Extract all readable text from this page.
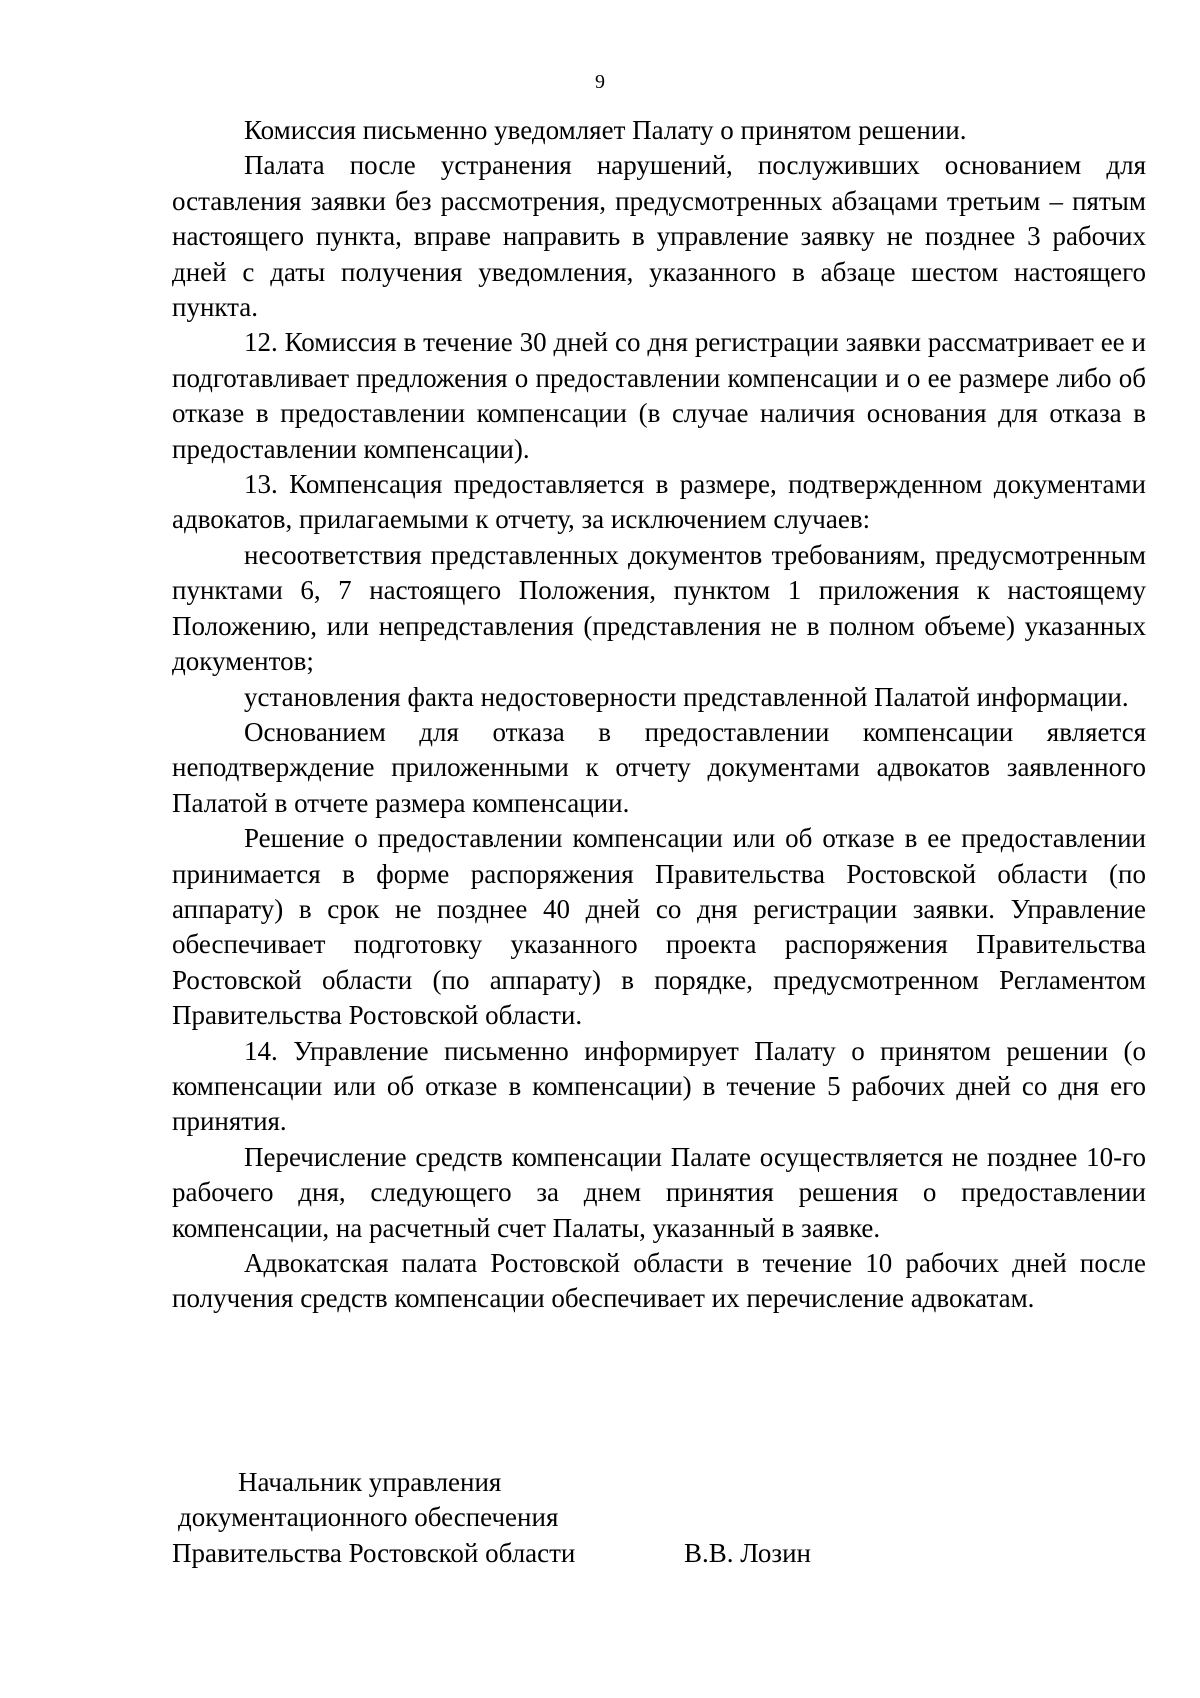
9

Комиссия письменно уведомляет Палату о принятом решении.

Палата после устранения нарушений, послуживших основанием для оставления заявки без рассмотрения, предусмотренных абзацами третьим – пятым настоящего пункта, вправе направить в управление заявку не позднее 3 рабочих дней с даты получения уведомления, указанного в абзаце шестом настоящего пункта.

12. Комиссия в течение 30 дней со дня регистрации заявки рассматривает ее и подготавливает предложения о предоставлении компенсации и о ее размере либо об отказе в предоставлении компенсации (в случае наличия основания для отказа в предоставлении компенсации).

13. Компенсация предоставляется в размере, подтвержденном документами адвокатов, прилагаемыми к отчету, за исключением случаев:

несоответствия представленных документов требованиям, предусмотренным пунктами 6, 7 настоящего Положения, пунктом 1 приложения к настоящему Положению, или непредставления (представления не в полном объеме) указанных документов;

установления факта недостоверности представленной Палатой информации.

Основанием для отказа в предоставлении компенсации является неподтверждение приложенными к отчету документами адвокатов заявленного Палатой в отчете размера компенсации.

Решение о предоставлении компенсации или об отказе в ее предоставлении принимается в форме распоряжения Правительства Ростовской области (по аппарату) в срок не позднее 40 дней со дня регистрации заявки. Управление обеспечивает подготовку указанного проекта распоряжения Правительства Ростовской области (по аппарату) в порядке, предусмотренном Регламентом Правительства Ростовской области.

14. Управление письменно информирует Палату о принятом решении (о компенсации или об отказе в компенсации) в течение 5 рабочих дней со дня его принятия.

Перечисление средств компенсации Палате осуществляется не позднее 10-го рабочего дня, следующего за днем принятия решения о предоставлении компенсации, на расчетный счет Палаты, указанный в заявке.

Адвокатская палата Ростовской области в течение 10 рабочих дней после получения средств компенсации обеспечивает их перечисление адвокатам.

Начальник управления

документационного обеспечения

Правительства Ростовской области	В.В. Лозин
